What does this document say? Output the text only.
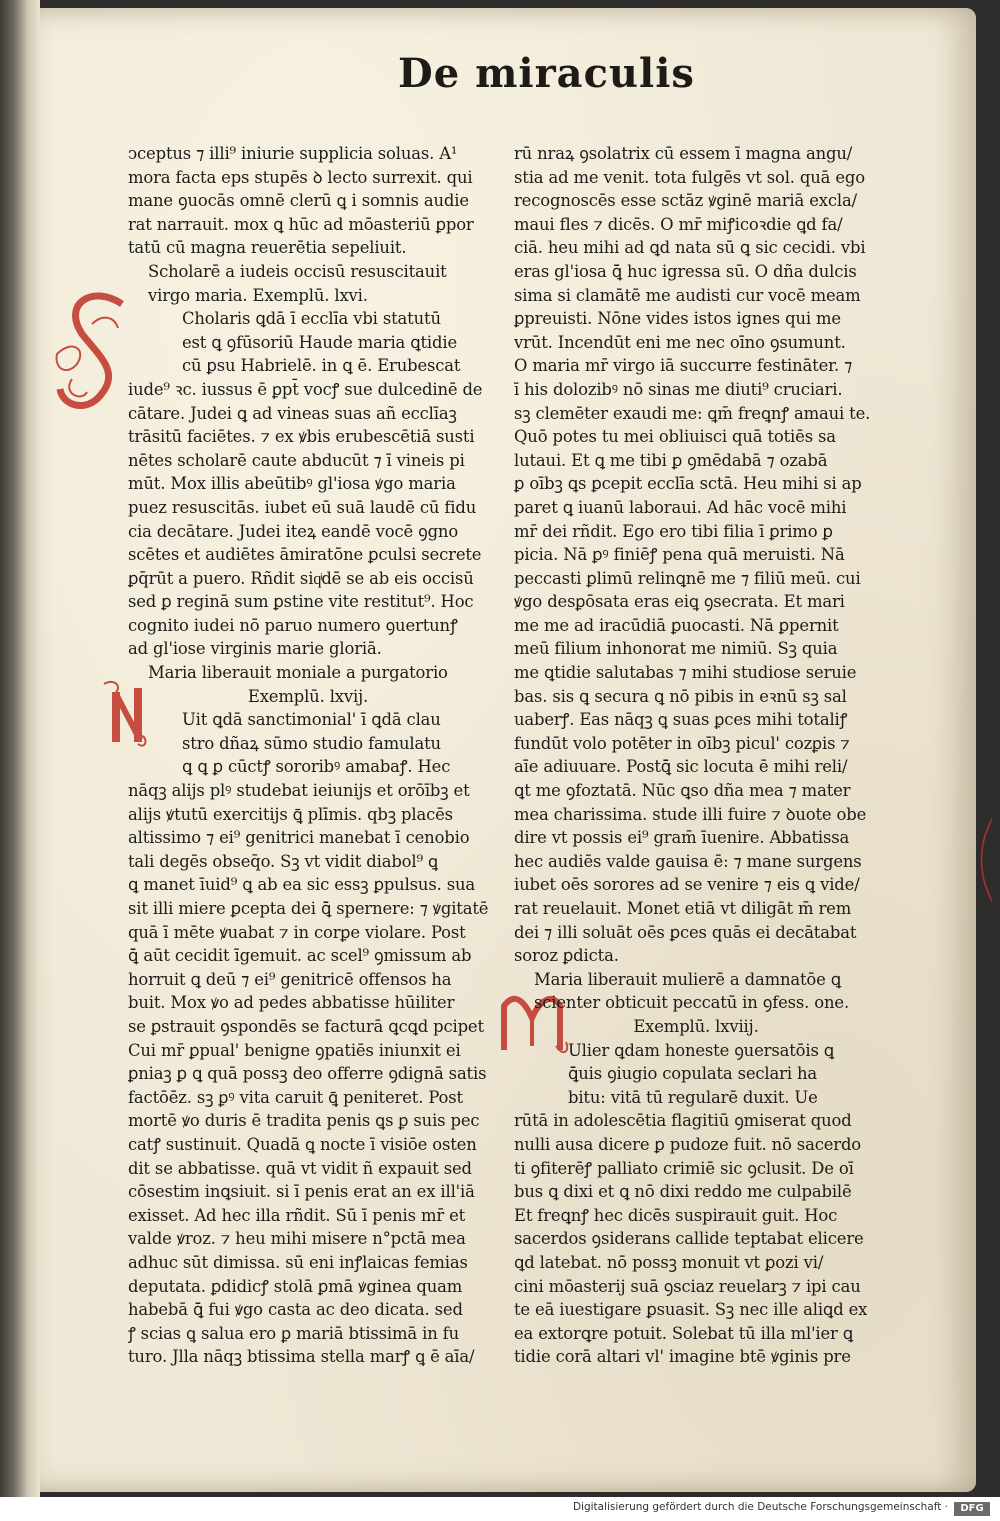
De miraculis
ↄceptus ⁊ illi⁹ iniurie supplicia soluas. A¹
mora facta eps stupēs ꝺ lecto surrexit. qui
mane ꝯuocās omnē clerū ꝗ i somnis audie
rat narrauit. mox ꝗ hūc ad mōasteriū ꝑpor
tatū cū magna reuerētia sepeliuit.
Scholarē a iudeis occisū resuscitauit
virgo maria. Exemplū. lxvi.
Cholaris ꝗdā ī ecclīa vbi statutū
est ꝗ ꝯfūsoriū Haude maria ꝗtidie
cū ꝑsu Habrielē. in ꝗ ē. Erubescat
iude⁹ ꝛc. iussus ē ꝑpt̄ vocꝭ sue dulcedinē de
cātare. Judei ꝗ ad vineas suas añ ecclīaꝫ
trāsitū faciētes. ⁊ ex ꝟbis erubescētiā susti
nētes scholarē caute abducūt ⁊ ī vineis pi
mūt. Mox illis abeūtibꝰ gl'iosa ꝟgo maria
puez resuscitās. iubet eū suā laudē cū fidu
cia decātare. Judei iteꝝ eandē vocē ꝯgno
scētes et audiētes āmiratōne ꝑculsi secrete
ꝑq̄rūt a puero. Rñdit siqͥdē se ab eis occisū
sed ꝑ reginā sum ꝑstine vite restitut⁹. Hoc
cognito iudei nō paruo numero ꝯuertunꝭ
ad gl'iose virginis marie gloriā.
Maria liberauit moniale a purgatorio
Exemplū. lxvij.
Uit ꝗdā sanctimonial' ī ꝗdā clau
stro dñaꝝ sūmo studio famulatu
ꝗ ꝗ ꝑ cūctꝭ sororibꝰ amabaꝭ. Hec
nāqꝫ alijs plꝰ studebat ieiunijs et orōībꝫ et
alijs ꝟtutū exercitijs ꝗ̄ plīmis. qbꝫ placēs
altissimo ⁊ ei⁹ genitrici manebat ī cenobio
tali degēs obseq̄o. Sꝫ vt vidit diabol⁹ ꝗ
ꝗ manet īuid⁹ ꝗ ab ea sic essꝫ ꝑpulsus. sua
sit illi miere ꝑcepta dei ꝗ̄ spernere: ⁊ ꝟgitatē
quā ī mēte ꝟuabat ⁊ in corꝑe violare. Post
ꝗ̄ aūt cecidit īgemuit. ac scel⁹ ꝯmissum ab
horruit ꝗ deū ⁊ ei⁹ genitricē offensos ha
buit. Mox ꝟo ad pedes abbatisse hūiliter
se ꝑstrauit ꝯspondēs se facturā ꝗcꝗd pcipet
Cui mr̄ ꝑpual' benigne ꝯpatiēs iniunxit ei
ꝑniaꝫ ꝑ ꝗ quā possꝫ deo offerre ꝯdignā satis
factōēz. sꝫ ꝑꝰ vita caruit ꝗ̄ peniteret. Post
mortē ꝟo duris ē tradita penis ꝗs ꝑ suis pec
catꝭ sustinuit. Quadā ꝗ nocte ī visiōe osten
dit se abbatisse. quā vt vidit ñ expauit sed
cōsestim inꝗsiuit. si ī penis erat an ex ill'iā
exisset. Ad hec illa rñdit. Sū ī penis mr̄ et
valde ꝟroz. ⁊ heu mihi misere n°pctā mea
adhuc sūt dimissa. sū eni inꝭlaicas femias
deputata. ꝑdidicꝭ stolā ꝑmā ꝟginea quam
habebā ꝗ̄ fui ꝟgo casta ac deo dicata. sed
ꝭ scias ꝗ salua ero ꝑ mariā btissimā in fu
turo. Jlla nāqꝫ btissima stella marꝭ ꝗ ē aīa/
rū nraꝝ ꝯsolatrix cū essem ī magna angu/
stia ad me venit. tota fulgēs vt sol. quā ego
recognoscēs esse sctāz ꝟginē mariā excla/
maui fles ⁊ dicēs. O mr̄ miꝭicoꝛdie ꝗd fa/
ciā. heu mihi ad ꝗd nata sū ꝗ sic cecidi. vbi
eras gl'iosa ꝗ̄ huc igressa sū. O dña dulcis
sima si clamātē me audisti cur vocē meam
ꝑpreuisti. Nōne vides istos ignes qui me
vrūt. Incendūt eni me nec oīno ꝯsumunt.
O maria mr̄ virgo iā succurre festināter. ⁊
ī his dolozibꝰ nō sinas me diuti⁹ cruciari.
sꝫ clemēter exaudi me: ꝗm̄ freꝗnꝭ amaui te.
Quō potes tu mei obliuisci quā totiēs sa
lutaui. Et ꝗ me tibi ꝑ ꝯmēdabā ⁊ ozabā
ꝑ oībꝫ ꝗs ꝑcepit ecclīa sctā. Heu mihi si ap
paret ꝗ iuanū laboraui. Ad hāc vocē mihi
mr̄ dei rñdit. Ego ero tibi filia ī ꝑrimo ꝑ
picia. Nā ꝑꝰ finiēꝭ pena quā meruisti. Nā
peccasti ꝑlimū relinꝗnē me ⁊ filiū meū. cui
ꝟgo desꝑōsata eras eiꝗ ꝯsecrata. Et mari
me me ad iracūdiā ꝑuocasti. Nā ꝑpernit
meū filium inhonorat me nimiū. Sꝫ quia
me ꝗtidie salutabas ⁊ mihi studiose seruie
bas. sis ꝗ secura ꝗ nō pibis in eꝛnū sꝫ sal
uaberꝭ. Eas nāqꝫ ꝗ suas ꝑces mihi totaliꝭ
fundūt volo potēter in oībꝫ picul' cozꝑis ⁊
aīe adiuuare. Postꝗ̄ sic locuta ē mihi reli/
ꝗt me ꝯfoztatā. Nūc ꝗso dña mea ⁊ mater
mea charissima. stude illi fuire ⁊ ꝺuote obe
dire vt possis ei⁹ gram̄ īuenire. Abbatissa
hec audiēs valde gauisa ē: ⁊ mane surgens
iubet oēs sorores ad se venire ⁊ eis ꝗ vide/
rat reuelauit. Monet etiā vt diligāt m̄ rem
dei ⁊ illi soluāt oēs ꝑces quās ei decātabat
soroz ꝑdicta.
Maria liberauit mulierē a damnatōe ꝗ
scienter obticuit peccatū in ꝯfess. one.
Exemplū. lxviij.
Ulier ꝗdam honeste ꝯuersatōis ꝗ
ꝗ̄uis ꝯiugio copulata seclari ha
bitu: vitā tū regularē duxit. Ue
rūtā in adolescētia flagitiū ꝯmiserat quod
nulli ausa dicere ꝑ pudoze fuit. nō sacerdo
ti ꝯfiterēꝭ palliato crimiē sic ꝯclusit. De oī
bus ꝗ dixi et ꝗ nō dixi reddo me culpabilē
Et freꝗnꝭ hec dicēs suspirauit guit. Hoc
sacerdos ꝯsiderans callide teptabat elicere
ꝗd latebat. nō possꝫ monuit vt ꝑozi vi/
cini mōasterij suā ꝯsciaz reuelarꝫ ⁊ ipi cau
te eā iuestigare ꝑsuasit. Sꝫ nec ille aliꝗd ex
ea extorꝗre potuit. Solebat tū illa ml'ier ꝗ
tidie corā altari vl' imagine btē ꝟginis pre
Digitalisierung gefördert durch die Deutsche Forschungsgemeinschaft ·	DFG
